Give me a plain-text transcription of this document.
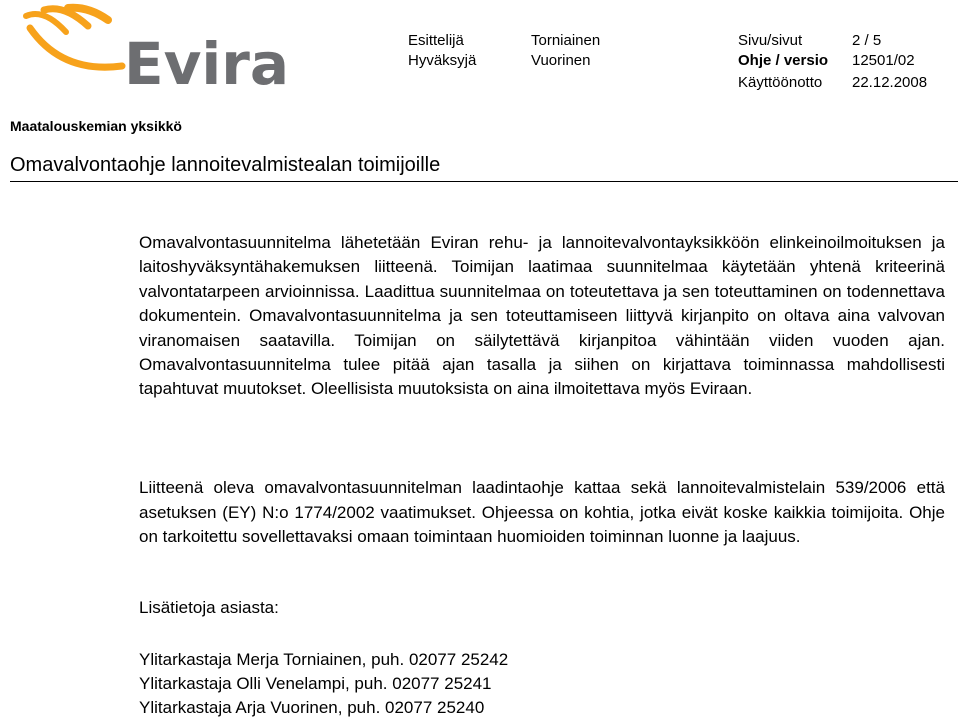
Evira	Esittelijä	Torniainen	Sivu/sivut	2 / 5
Hyväksyjä	Vuorinen	Ohje / versio 12501/02
Käyttöönotto 22.12.2008
Maatalouskemian yksikkö
Omavalvontaohje lannoitevalmistealan toimijoille
Omavalvontasuunnitelma lähetetään Eviran rehu- ja lannoitevalvontayksikköön elinkeinoilmoituksen ja laitoshyväksyntähakemuksen liitteenä. Toimijan laatimaa suunnitelmaa käytetään yhtenä kriteerinä valvontatarpeen arvioinnissa. Laadittua suunnitelmaa on toteutettava ja sen toteuttaminen on todennettava dokumentein. Omavalvontasuunnitelma ja sen toteuttamiseen liittyvä kirjanpito on oltava aina valvovan viranomaisen saatavilla. Toimijan on säilytettävä kirjanpitoa vähintään viiden vuoden ajan. Omavalvontasuunnitelma tulee pitää ajan tasalla ja siihen on kirjattava toiminnassa mahdollisesti tapahtuvat muutokset. Oleellisista muutoksista on aina ilmoitettava myös Eviraan.
Liitteenä oleva omavalvontasuunnitelman laadintaohje kattaa sekä lannoitevalmistelain 539/2006 että asetuksen (EY) N:o 1774/2002 vaatimukset. Ohjeessa on kohtia, jotka eivät koske kaikkia toimijoita. Ohje on tarkoitettu sovellettavaksi omaan toimintaan huomioiden toiminnan luonne ja laajuus.
Lisätietoja asiasta:
Ylitarkastaja Merja Torniainen, puh. 02077 25242
Ylitarkastaja Olli Venelampi, puh. 02077 25241
Ylitarkastaja Arja Vuorinen, puh. 02077 25240
